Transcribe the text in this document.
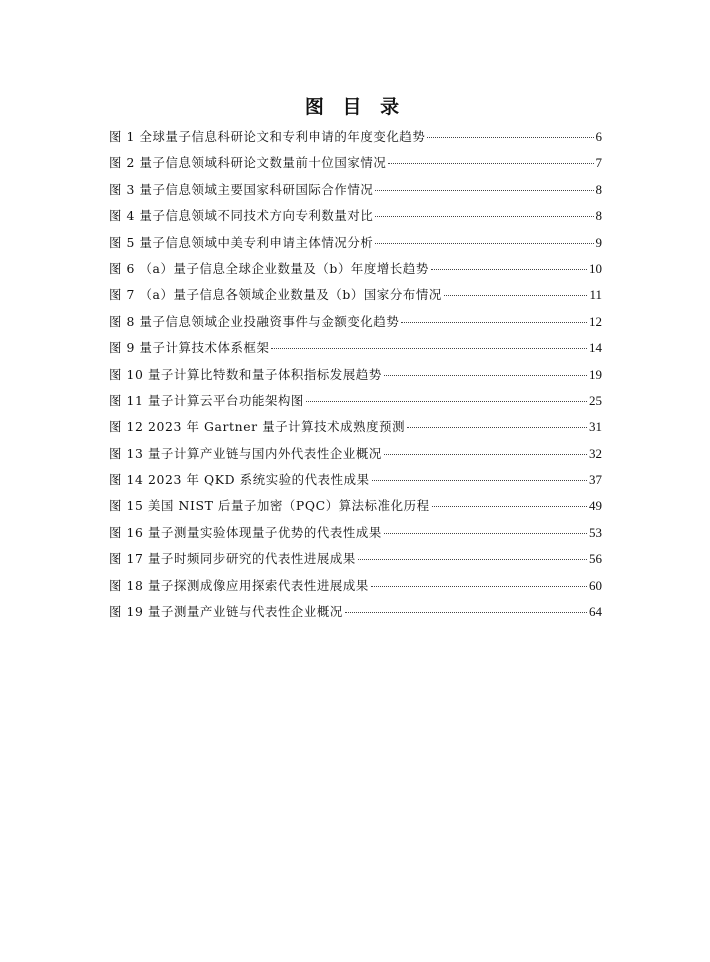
图 目 录
图 1 全球量子信息科研论文和专利申请的年度变化趋势	6
图 2 量子信息领域科研论文数量前十位国家情况	7
图 3 量子信息领域主要国家科研国际合作情况	8
图 4 量子信息领域不同技术方向专利数量对比	8
图 5 量子信息领域中美专利申请主体情况分析	9
图 6 （a）量子信息全球企业数量及（b）年度增长趋势	10
图 7 （a）量子信息各领域企业数量及（b）国家分布情况	11
图 8 量子信息领域企业投融资事件与金额变化趋势	12
图 9 量子计算技术体系框架	14
图 10 量子计算比特数和量子体积指标发展趋势	19
图 11 量子计算云平台功能架构图	25
图 12 2023 年 Gartner 量子计算技术成熟度预测	31
图 13 量子计算产业链与国内外代表性企业概况	32
图 14 2023 年 QKD 系统实验的代表性成果	37
图 15 美国 NIST 后量子加密（PQC）算法标准化历程	49
图 16 量子测量实验体现量子优势的代表性成果	53
图 17 量子时频同步研究的代表性进展成果	56
图 18 量子探测成像应用探索代表性进展成果	60
图 19 量子测量产业链与代表性企业概况	64
